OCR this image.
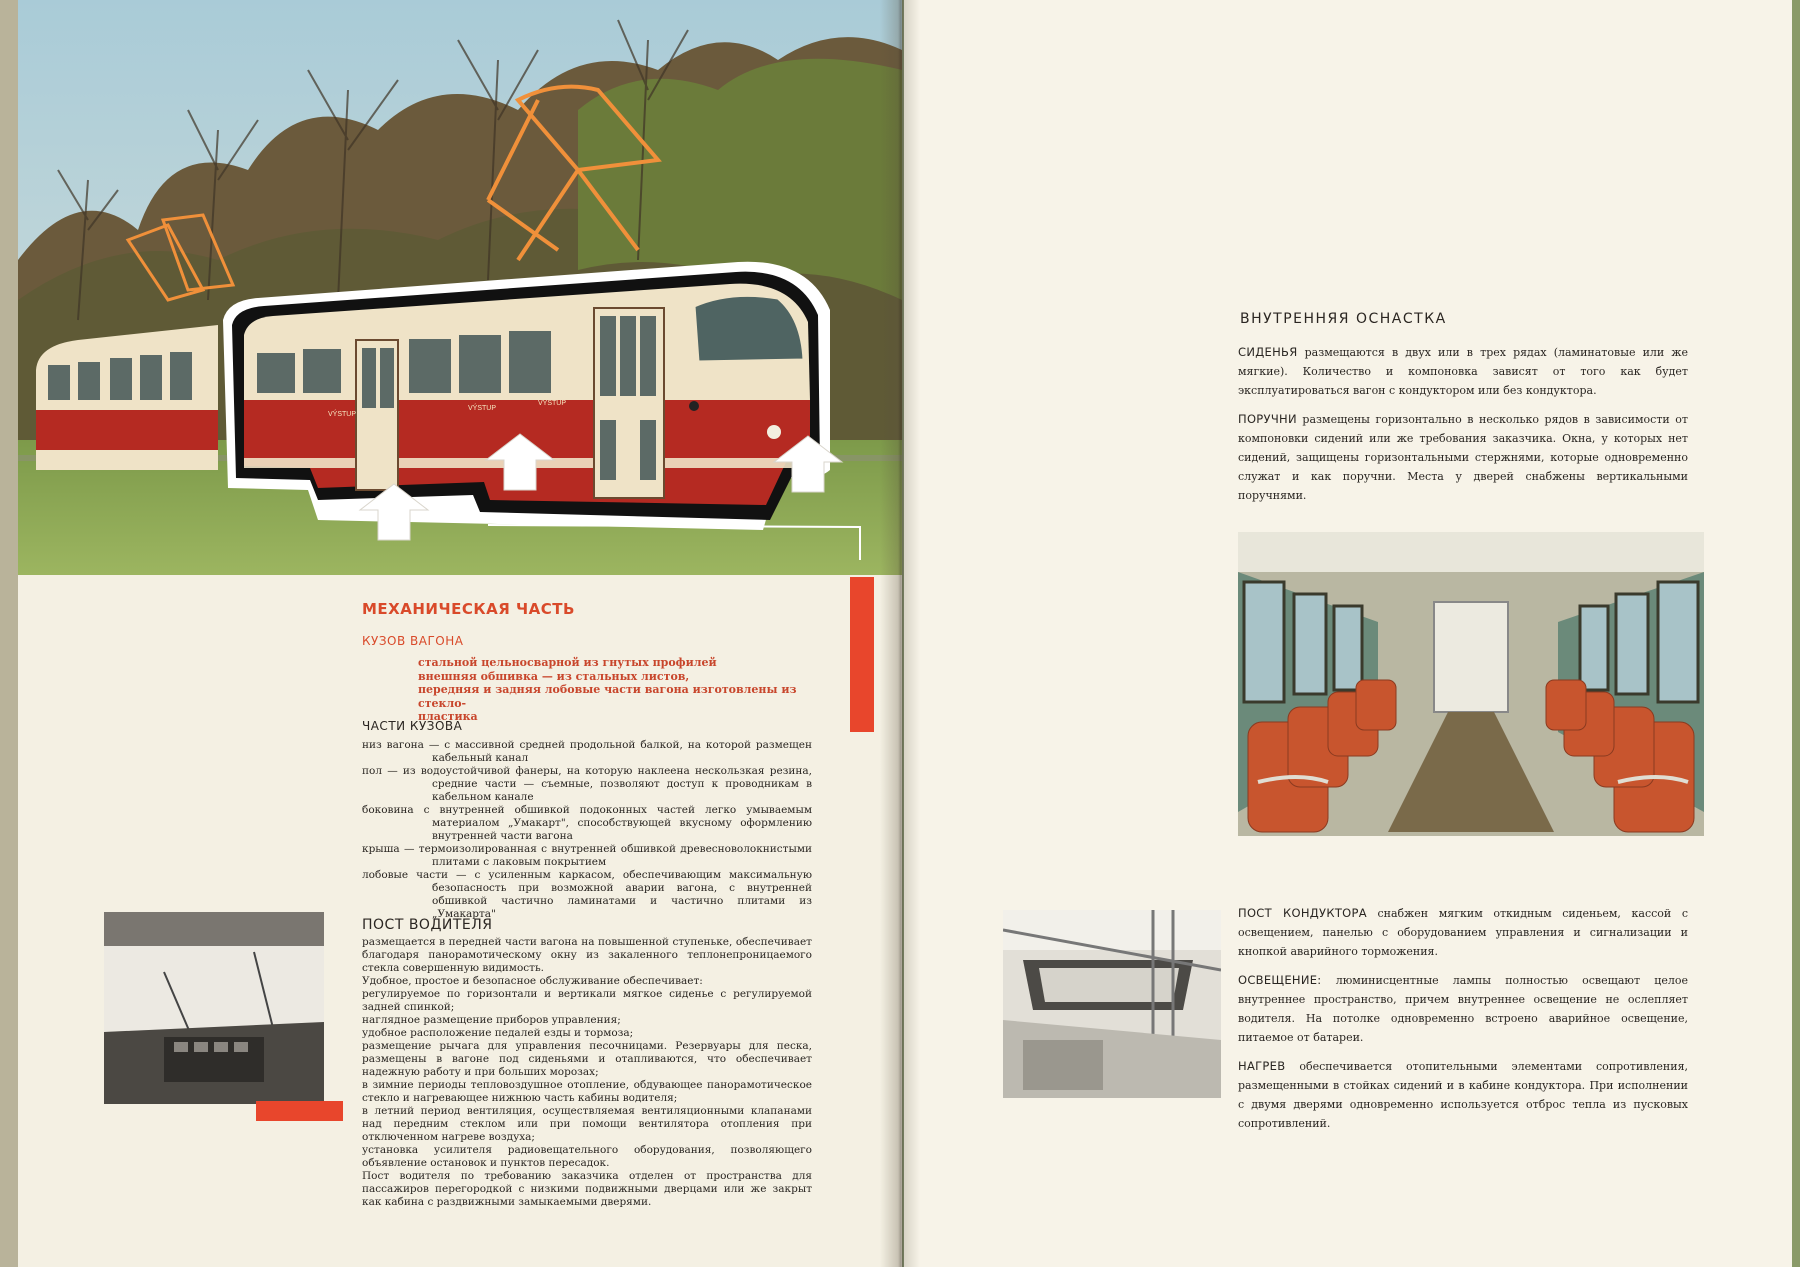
VÝSTUP
VÝSTUP
VÝSTUP
МЕХАНИЧЕСКАЯ ЧАСТЬ
КУЗОВ ВАГОНА
стальной цельносварной из гнутых профилей
внешняя обшивка — из стальных листов,
передняя и задняя лобовые части вагона изготовлены из стекло-
пластика
ЧАСТИ КУЗОВА

низ вагона — с массивной средней продольной балкой, на которой размещен кабельный канал

пол — из водоустойчивой фанеры, на которую наклеена нескользкая резина, средние части — съемные, позволяют доступ к проводникам в кабельном канале

боковина с внутренней обшивкой подоконных частей легко умываемым материалом „Умакарт", способствующей вкусному оформлению внутренней части вагона

крыша — термоизолированная с внутренней обшивкой древесноволокнистыми плитами с лаковым покрытием

лобовые части — с усиленным каркасом, обеспечивающим максимальную безопасность при возможной аварии вагона, с внутренней обшивкой частично ламинатами и частично плитами из „Умакарта"

ПОСТ ВОДИТЕЛЯ

размещается в передней части вагона на повышенной ступеньке, обеспечивает благодаря панорамотическому окну из закаленного теплонепроницаемого стекла совершенную видимость.

Удобное, простое и безопасное обслуживание обеспечивает:

регулируемое по горизонтали и вертикали мягкое сиденье с регулируемой задней спинкой;

наглядное размещение приборов управления;

удобное расположение педалей езды и тормоза;

размещение рычага для управления песочницами. Резервуары для песка, размещены в вагоне под сиденьями и отапливаются, что обеспечивает надежную работу и при больших морозах;

в зимние периоды тепловоздушное отопление, обдувающее панорамотическое стекло и нагревающее нижнюю часть кабины водителя;

в летний период вентиляция, осуществляемая вентиляционными клапанами над передним стеклом или при помощи вентилятора отопления при отключенном нагреве воздуха;

установка усилителя радиовещательного оборудования, позволяющего объявление остановок и пунктов пересадок.

Пост водителя по требованию заказчика отделен от пространства для пассажиров перегородкой с низкими подвижными дверцами или же закрыт как кабина с раздвижными замыкаемыми дверями.

ВНУТРЕННЯЯ ОСНАСТКА

СИДЕНЬЯ размещаются в двух или в трех рядах (ламинатовые или же мягкие). Количество и компоновка зависят от того как будет эксплуатироваться вагон с кондуктором или без кондуктора.

ПОРУЧНИ размещены горизонтально в несколько рядов в зависимости от компоновки сидений или же требования заказчика. Окна, у которых нет сидений, защищены горизонтальными стержнями, которые одновременно служат и как поручни. Места у дверей снабжены вертикальными поручнями.

ПОСТ КОНДУКТОРА снабжен мягким откидным сиденьем, кассой с освещением, панелью с оборудованием управления и сигнализации и кнопкой аварийного торможения.

ОСВЕЩЕНИЕ: люминисцентные лампы полностью освещают целое внутреннее пространство, причем внутреннее освещение не ослепляет водителя. На потолке одновременно встроено аварийное освещение, питаемое от батареи.

НАГРЕВ обеспечивается отопительными элементами сопротивления, размещенными в стойках сидений и в кабине кондуктора. При исполнении с двумя дверями одновременно используется отброс тепла из пусковых сопротивлений.
